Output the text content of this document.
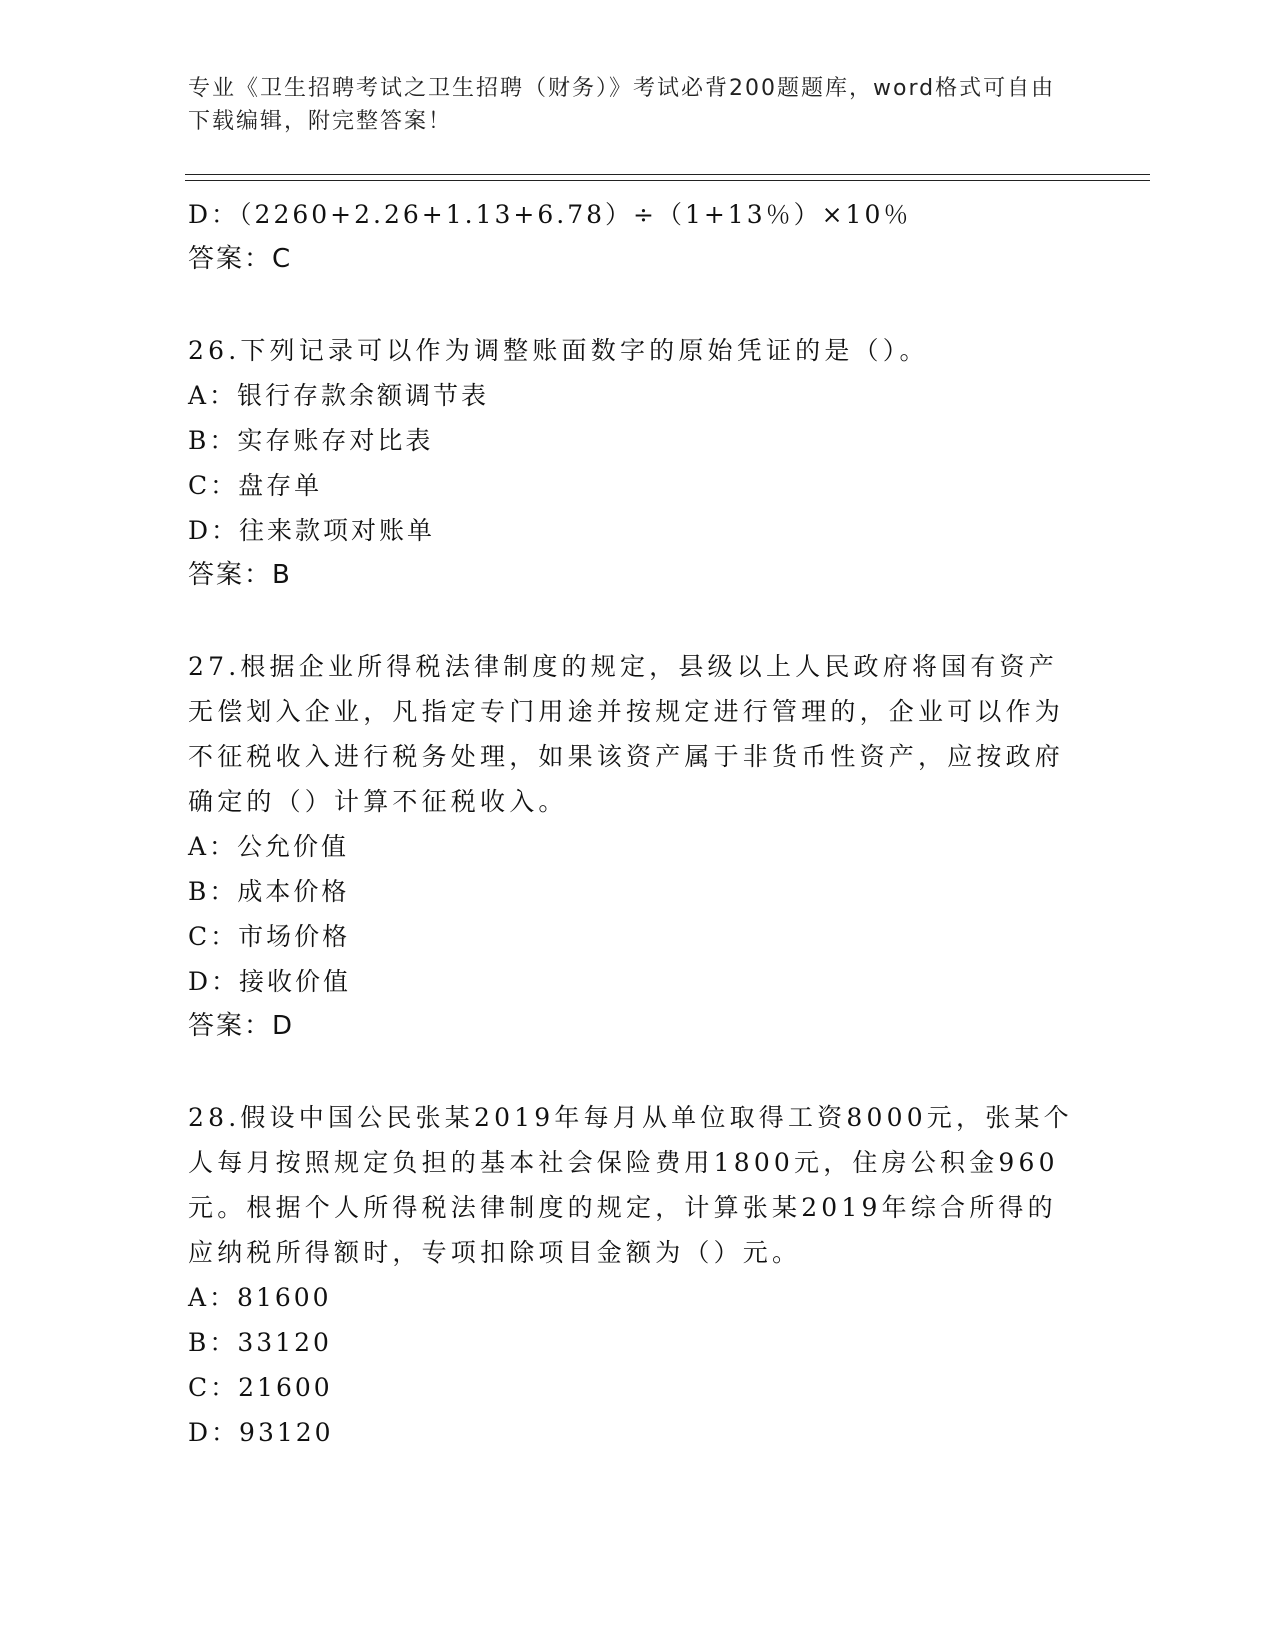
专业《卫生招聘考试之卫生招聘（财务）》考试必背200题题库，word格式可自由下载编辑，附完整答案！
D：（2260+2.26+1.13+6.78）÷（1+13％）×10％
答案：C
26.下列记录可以作为调整账面数字的原始凭证的是（）。
A：银行存款余额调节表
B：实存账存对比表
C：盘存单
D：往来款项对账单
答案：B
27.根据企业所得税法律制度的规定，县级以上人民政府将国有资产无偿划入企业，凡指定专门用途并按规定进行管理的，企业可以作为不征税收入进行税务处理，如果该资产属于非货币性资产，应按政府确定的（）计算不征税收入。
A：公允价值
B：成本价格
C：市场价格
D：接收价值
答案：D
28.假设中国公民张某2019年每月从单位取得工资8000元，张某个人每月按照规定负担的基本社会保险费用1800元，住房公积金960元。根据个人所得税法律制度的规定，计算张某2019年综合所得的应纳税所得额时，专项扣除项目金额为（）元。
A：81600
B：33120
C：21600
D：93120
